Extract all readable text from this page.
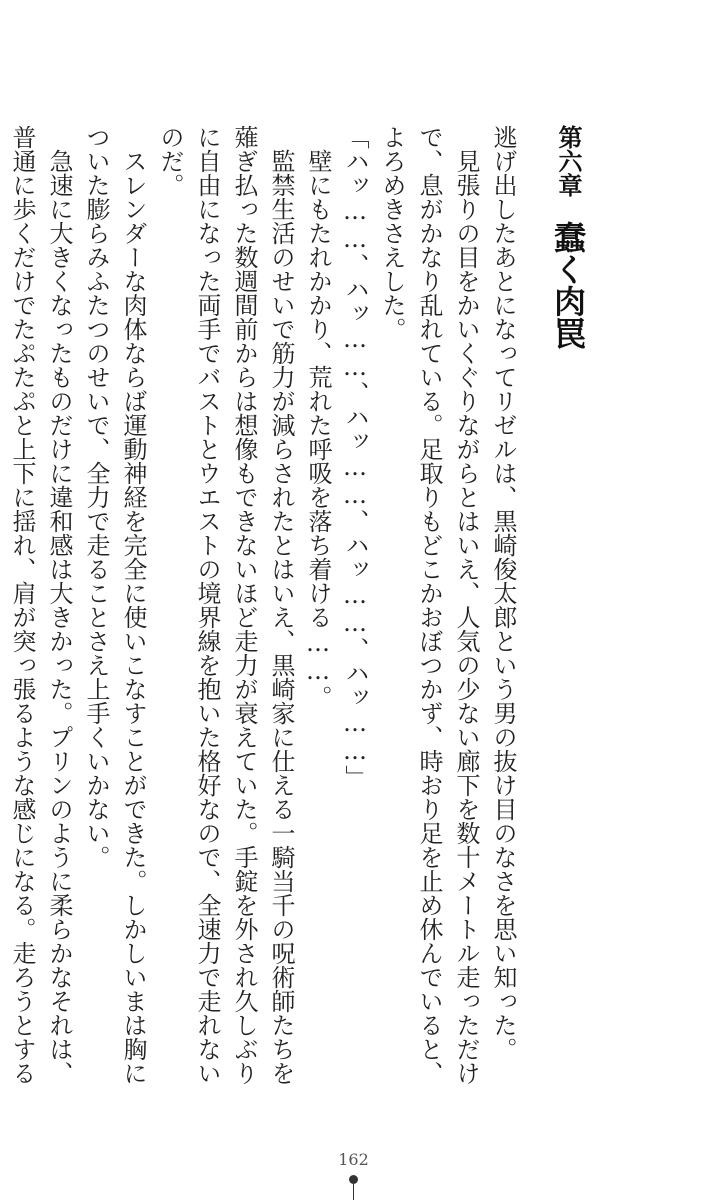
第六章
蠢く肉罠
逃げ出したあとになってリゼルは、黒崎俊太郎という男の抜け目のなさを思い知った。
見張りの目をかいくぐりながらとはいえ、人気の少ない廊下を数十メートル走っただけ
で、息がかなり乱れている。足取りもどこかおぼつかず、時おり足を止め休んでいると、
よろめきさえした。
「ハッ……、ハッ……、ハッ……、ハッ……、ハッ……」
壁にもたれかかり、荒れた呼吸を落ち着ける……。
監禁生活のせいで筋力が減らされたとはいえ、黒崎家に仕える一騎当千の呪術師たちを
薙ぎ払った数週間前からは想像もできないほど走力が衰えていた。手錠を外され久しぶり
に自由になった両手でバストとウエストの境界線を抱いた格好なので、全速力で走れない
のだ。
スレンダーな肉体ならば運動神経を完全に使いこなすことができた。しかしいまは胸に
ついた膨らみふたつのせいで、全力で走ることさえ上手くいかない。
急速に大きくなったものだけに違和感は大きかった。プリンのように柔らかなそれは、
普通に歩くだけでたぷたぷと上下に揺れ、肩が突っ張るような感じになる。走ろうとする
162
